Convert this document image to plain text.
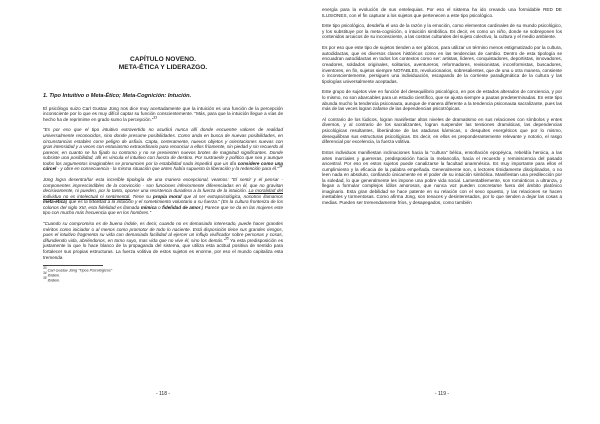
CAPÍTULO NOVENO.
META-ÉTICA Y LIDERAZGO.
1. Tipo Intuitivo o Meta-Ético; Meta-Cognición: Intución.

El psicólogo suizo Carl Gustav Jüng nos dice muy acertadamente que la intuición es una función de la percepción inconsciente por lo que es muy difícil captar su función conscientemente. "Más, para que la intuición llegue a vías de hecho ha de reprimirse en grado sumo la percepción."$^{33}$

"Es por eso que el tipo intuitivo extravertido no acudirá nunca allí donde encuentre valores de realidad universalmente reconocidos, sino donde presume posibilidades. Como anda en busca de nuevas posibilidades, en circunstancias estables corre peligro de asfixia. Capta, certeramente, nuevos objetos y orientaciones nuevas con gran intensidad y a veces con entusiasmo extraordinario para renunciar a ellos fríamente, sin piedad y sin recuerdo al parecer, en cuanto se ha fijado su contorno y no se presienten nuevos brotes de magnitud significantes. Donde subsiste una posibilidad, allí es vincula el intuitivo con fuerza de destino. Por sustraerle y político que sea y aunque todos los argumentos imaginables se pronuncien por la estabilidad nada impedirá que un día considere como una cárcel - y obre en consecuencia - la misma situación que antes había supuesto la liberación y la redención para él."$^{34}$

Jüng logra desentrañar esta increíble tipología de una manera excepcional, veamos: "El sentir y el pensar - componentes imprescindibles de la convicción - son funciones inferiormente diferenciadas en él, que no gravitan decisivamente, ni pueden, por lo tanto, oponer una resistencia duradera a la fuerza de la intuición. La moralidad del individuo no es intelectual ni sentimental. Tiene su propia moral que al ser extrapsicológica, nosotros llamamos meta-ética) que es la fidelidad a la intuición y el sometimiento voluntario a su fuerza." (En la cultura fronteriza de los colonos del siglo XIII, esta fidelidad es llamada mímica o fidelidad de amor.) Parece que se da en las mujeres este tipo con mucho más frecuencia que en los hombres."

"Cuando su compromiso es de buena índole, es decir, cuando no es demasiado interesado, puede hacer grandes méritos como iniciador o al menos como promotor de todo lo naciente. Está disposición tiene sus grandes riesgos, pues el intuitivo fragmenta su vida con demasiada facilidad al ejercer un influjo vivificador sobre personas y cosas, difundiendo vida, abriéndonos, en torno suyo, mas vida que no vive él, sino los demás."$^{35}$ Ya esta predisposición es justamente la que lo hace blanco de la propaganda del sistema, que utiliza esta actitud positiva de sentido para fortalecer sus propias estructuras. La fuerza volitiva de estos sujetos es enorme, por eso el mundo capitaliza esta tremenda

$^{33}$ Carl Gustav Jüng "Tipos Psicológicos"
$^{34}$ Ibídem.
$^{35}$ Ibídem.
- 118 -

energía para la evolución de sus entelequias. Por eso el sistema ha ido creando una formidable RED DE ILUSIONES, con el fin capturar a los sujetos que pertenecen a este tipo psicológico.

Este tipo psicológico, desdeña el uso de la razón y la emoción, como elementos cardinales de su mundo psicológico, y los substituye por la meta-cognición, o intuición simbólica. Es decir, es como un niño, donde se sobreponen los contenidos arcaicos de su inconsciente, a las costras culturales del sujeto colectivo, la cultura y el medio ambiente.

Es por eso que este tipo de sujetos tienden a ser góticos, para utilizar un término menos estigmatizado por la cultura, autodidactas, que es diversos clanes históricos como en las tendencias de cambio. Dentro de esta tipología se encuadran autodidactas en todos los contextos como ser: artistas, líderes, conquistadores, deportistas, innovadores, creadores, soldados originales, solitarios, aventureros, reformadores, revisionistas, inconformistas, buscadores, inventores, en fin, sujetos siempre NOTABLES, revolucionarios, sobresalientes, que de una u otra manera, consiente o inconscientemente, persiguen una individuación, escapando de la corriente paradigmática de la cultura y las tipologías universalmente aceptadas.

Este grupo de sujetos vive en función del desequilibrio psicológico, en pos de estados alterados de conciencia, y por lo mismo, no son abarcables para un estudio científico, que se ajusta siempre a pautas predeterminadas. En este tipo abunda mucho la tendencia psiconauta, aunque de manera diferente a la tendencia psiconauta sacralizante, pues las más de las veces logran zafarse de las dependencias psicotrópicas.

Al contrario de los lúdicos, logran manifestar altos niveles de dramatismo en sus relaciones con símbolos y entes diversos, y al contrario de los sacralizantes, logran suspender las tensiones dramáticas, las dependencias psicológicas resultantes, liberándose de las ataduras kármicas, o desquites energéticos que por lo mismo, desequilibran sus estructuras psicológicas. Es decir, en ellos es preponderantemente relevante y notorio, el rasgo diferencial por excelencia, la fuerza volitiva.

Estos individuos manifiestan inclinaciones hacia la "cultura" bélica, ensoñación epopéyica, rebeldía heroica, a las artes marciales y guerreras, predisposición hacia la melancolía, hacia el recuerdo y reminiscencia del pasado ancestral. Por eso en estos sujetos puede canalizarse la facultad anamnésica. Es muy importante para ellos el cumplimiento y la eficacia de la palabra empeñada. Generalmente son, o lectores tímidamente disciplinados, o no leen nada en absoluto, confiando únicamente en el poder de su intuición simbólica. Manifiestan una predilección por la soledad, lo que generalmente les impone una pobre vida social. Lamentablemente, son románticos a ultranza, y llegan a formular complejos ídilos amorosos, que nunca voz pueden concretarse fuera del ámbito platónico imaginario. Esta gran debilidad se hace patente en su relación con el sexo opuesto, y las relaciones se hacen inestables y tormentosas. Como afirma Jüng, son tenaces y desinteresados, por lo que tienden a dejar las cosas a medias. Pueden ser tremendamente fríos, y desapegados, como también

- 119 -
